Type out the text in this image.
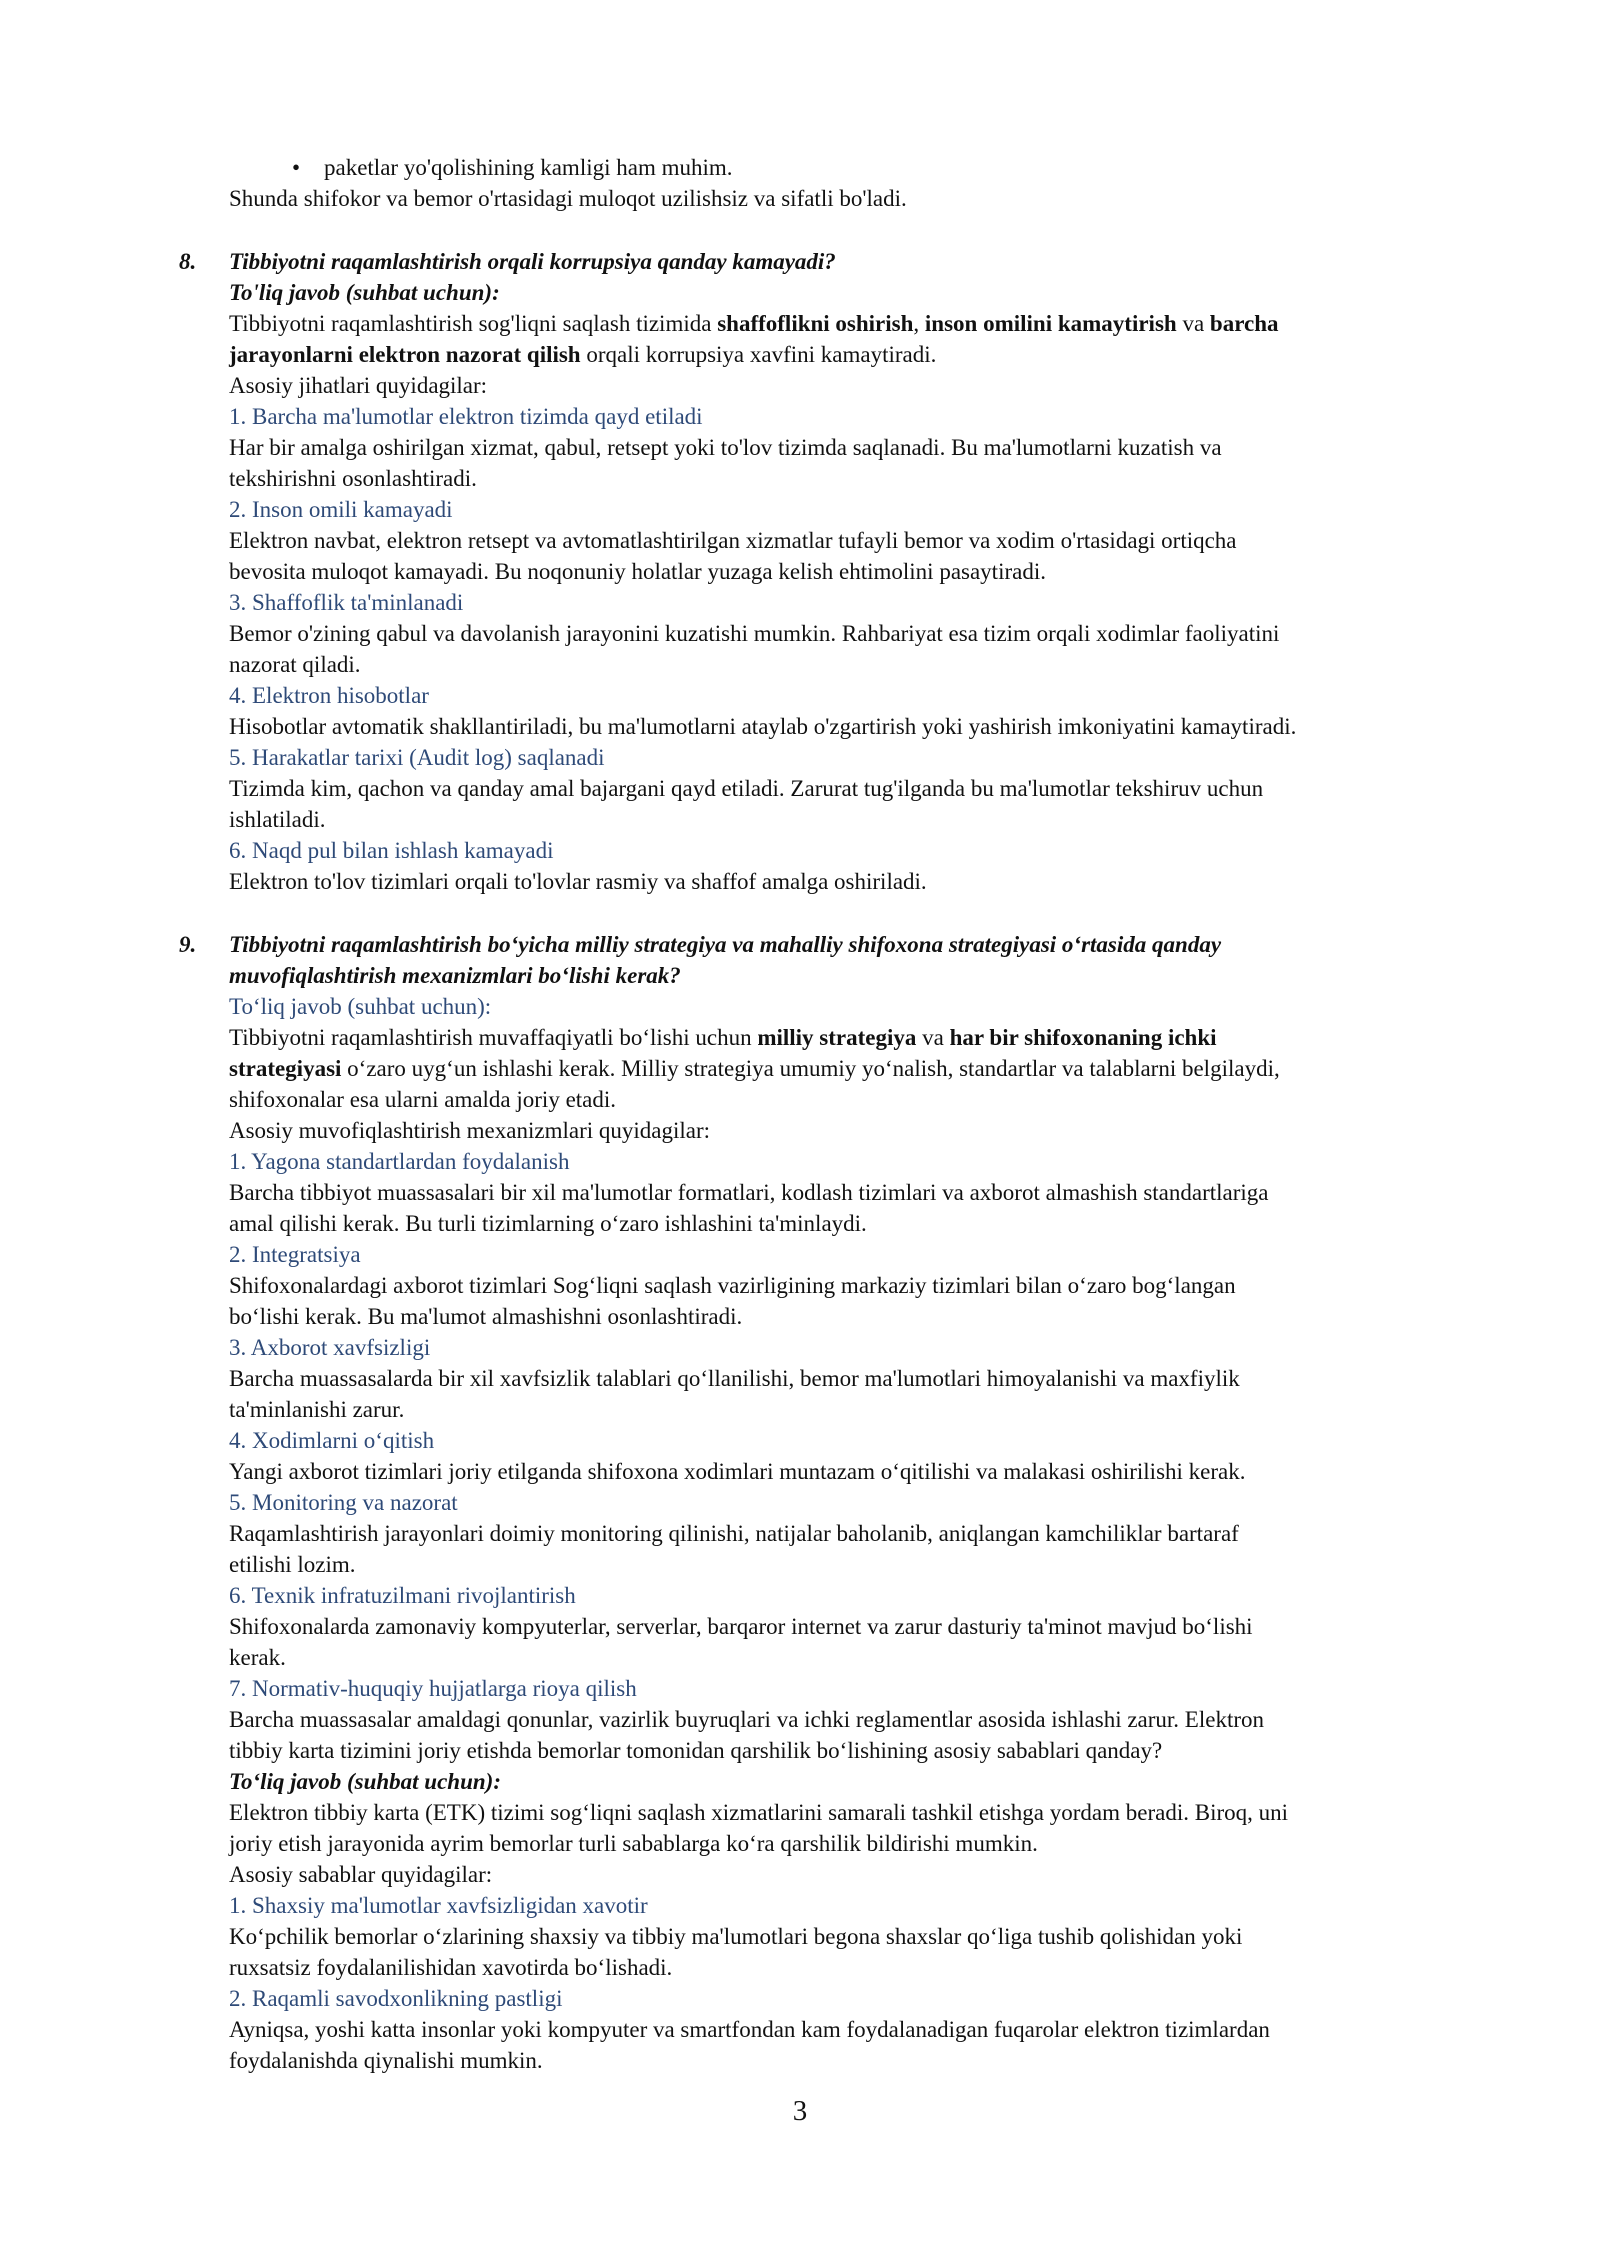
• paketlar yo'qolishining kamligi ham muhim.

Shunda shifokor va bemor o'rtasidagi muloqot uzilishsiz va sifatli bo'ladi.
8. Tibbiyotni raqamlashtirish orqali korrupsiya qanday kamayadi?
To'liq javob (suhbat uchun):
Tibbiyotni raqamlashtirish sog'liqni saqlash tizimida shaffoflikni oshirish, inson omilini kamaytirish va barcha
jarayonlarni elektron nazorat qilish orqali korrupsiya xavfini kamaytiradi.
Asosiy jihatlari quyidagilar:
1. Barcha ma'lumotlar elektron tizimda qayd etiladi
Har bir amalga oshirilgan xizmat, qabul, retsept yoki to'lov tizimda saqlanadi. Bu ma'lumotlarni kuzatish va
tekshirishni osonlashtiradi.
2. Inson omili kamayadi
Elektron navbat, elektron retsept va avtomatlashtirilgan xizmatlar tufayli bemor va xodim o'rtasidagi ortiqcha
bevosita muloqot kamayadi. Bu noqonuniy holatlar yuzaga kelish ehtimolini pasaytiradi.
3. Shaffoflik ta'minlanadi
Bemor o'zining qabul va davolanish jarayonini kuzatishi mumkin. Rahbariyat esa tizim orqali xodimlar faoliyatini
nazorat qiladi.
4. Elektron hisobotlar
Hisobotlar avtomatik shakllantiriladi, bu ma'lumotlarni ataylab o'zgartirish yoki yashirish imkoniyatini kamaytiradi.
5. Harakatlar tarixi (Audit log) saqlanadi
Tizimda kim, qachon va qanday amal bajargani qayd etiladi. Zarurat tug'ilganda bu ma'lumotlar tekshiruv uchun
ishlatiladi.
6. Naqd pul bilan ishlash kamayadi
Elektron to'lov tizimlari orqali to'lovlar rasmiy va shaffof amalga oshiriladi.
9. Tibbiyotni raqamlashtirish bo‘yicha milliy strategiya va mahalliy shifoxona strategiyasi o‘rtasida qanday
muvofiqlashtirish mexanizmlari bo‘lishi kerak?
To‘liq javob (suhbat uchun):
Tibbiyotni raqamlashtirish muvaffaqiyatli bo‘lishi uchun milliy strategiya va har bir shifoxonaning ichki
strategiyasi o‘zaro uyg‘un ishlashi kerak. Milliy strategiya umumiy yo‘nalish, standartlar va talablarni belgilaydi,
shifoxonalar esa ularni amalda joriy etadi.
Asosiy muvofiqlashtirish mexanizmlari quyidagilar:
1. Yagona standartlardan foydalanish
Barcha tibbiyot muassasalari bir xil ma'lumotlar formatlari, kodlash tizimlari va axborot almashish standartlariga
amal qilishi kerak. Bu turli tizimlarning o‘zaro ishlashini ta'minlaydi.
2. Integratsiya
Shifoxonalardagi axborot tizimlari Sog‘liqni saqlash vazirligining markaziy tizimlari bilan o‘zaro bog‘langan
bo‘lishi kerak. Bu ma'lumot almashishni osonlashtiradi.
3. Axborot xavfsizligi
Barcha muassasalarda bir xil xavfsizlik talablari qo‘llanilishi, bemor ma'lumotlari himoyalanishi va maxfiylik
ta'minlanishi zarur.
4. Xodimlarni o‘qitish
Yangi axborot tizimlari joriy etilganda shifoxona xodimlari muntazam o‘qitilishi va malakasi oshirilishi kerak.
5. Monitoring va nazorat
Raqamlashtirish jarayonlari doimiy monitoring qilinishi, natijalar baholanib, aniqlangan kamchiliklar bartaraf
etilishi lozim.
6. Texnik infratuzilmani rivojlantirish
Shifoxonalarda zamonaviy kompyuterlar, serverlar, barqaror internet va zarur dasturiy ta'minot mavjud bo‘lishi
kerak.
7. Normativ-huquqiy hujjatlarga rioya qilish
Barcha muassasalar amaldagi qonunlar, vazirlik buyruqlari va ichki reglamentlar asosida ishlashi zarur. Elektron
tibbiy karta tizimini joriy etishda bemorlar tomonidan qarshilik bo‘lishining asosiy sabablari qanday?
To‘liq javob (suhbat uchun):
Elektron tibbiy karta (ETK) tizimi sog‘liqni saqlash xizmatlarini samarali tashkil etishga yordam beradi. Biroq, uni
joriy etish jarayonida ayrim bemorlar turli sabablarga ko‘ra qarshilik bildirishi mumkin.
Asosiy sabablar quyidagilar:
1. Shaxsiy ma'lumotlar xavfsizligidan xavotir
Ko‘pchilik bemorlar o‘zlarining shaxsiy va tibbiy ma'lumotlari begona shaxslar qo‘liga tushib qolishidan yoki
ruxsatsiz foydalanilishidan xavotirda bo‘lishadi.
2. Raqamli savodxonlikning pastligi
Ayniqsa, yoshi katta insonlar yoki kompyuter va smartfondan kam foydalanadigan fuqarolar elektron tizimlardan
foydalanishda qiynalishi mumkin.
3
